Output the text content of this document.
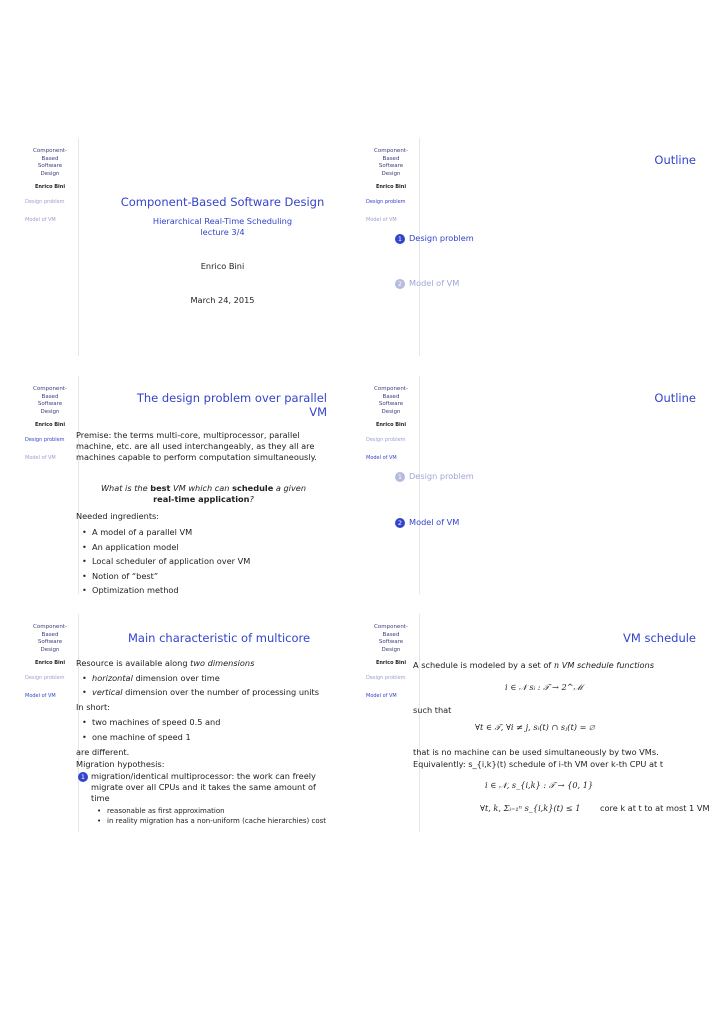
Component-
Based
Software
Design
Enrico Bini
Design problem
Model of VM
Component-Based Software Design
Hierarchical Real-Time Scheduling
lecture 3/4
Enrico Bini
March 24, 2015
Component-
Based
Software
Design
Enrico Bini
Design problem
Model of VM
Outline
1 Design problem
2 Model of VM
Component-
Based
Software
Design
Enrico Bini
Design problem
Model of VM
The design problem over parallel
VM
Premise: the terms multi-core, multiprocessor, parallel machine, etc. are all used interchangeably, as they all are machines capable to perform computation simultaneously.
What is the best VM which can schedule a given
real-time application?
Needed ingredients:
• A model of a parallel VM
• An application model
• Local scheduler of application over VM
• Notion of “best”
• Optimization method
Component-
Based
Software
Design
Enrico Bini
Design problem
Model of VM
Outline
1 Design problem
2 Model of VM
Component-
Based
Software
Design
Enrico Bini
Design problem
Model of VM
Main characteristic of multicore
Resource is available along two dimensions
• horizontal dimension over time
• vertical dimension over the number of processing units
In short:
• two machines of speed 0.5 and
• one machine of speed 1
are different.
Migration hypothesis:
1 migration/identical multiprocessor: the work can freely migrate over all CPUs and it takes the same amount of time
• reasonable as first approximation
• in reality migration has a non-uniform (cache hierarchies) cost
Component-
Based
Software
Design
Enrico Bini
Design problem
Model of VM
VM schedule
A schedule is modeled by a set of n VM schedule functions
i ∈ 𝒩 sᵢ : 𝒯 → 2^ℳ
such that
∀t ∈ 𝒯, ∀i ≠ j, sᵢ(t) ∩ sⱼ(t) = ∅
that is no machine can be used simultaneously by two VMs.
Equivalently: s_{i,k}(t) schedule of i-th VM over k-th CPU at t
i ∈ 𝒩, s_{i,k} : 𝒯 → {0, 1}
∀t, k, Σᵢ₌₁ⁿ s_{i,k}(t) ≤ 1 core k at t to at most 1 VM
